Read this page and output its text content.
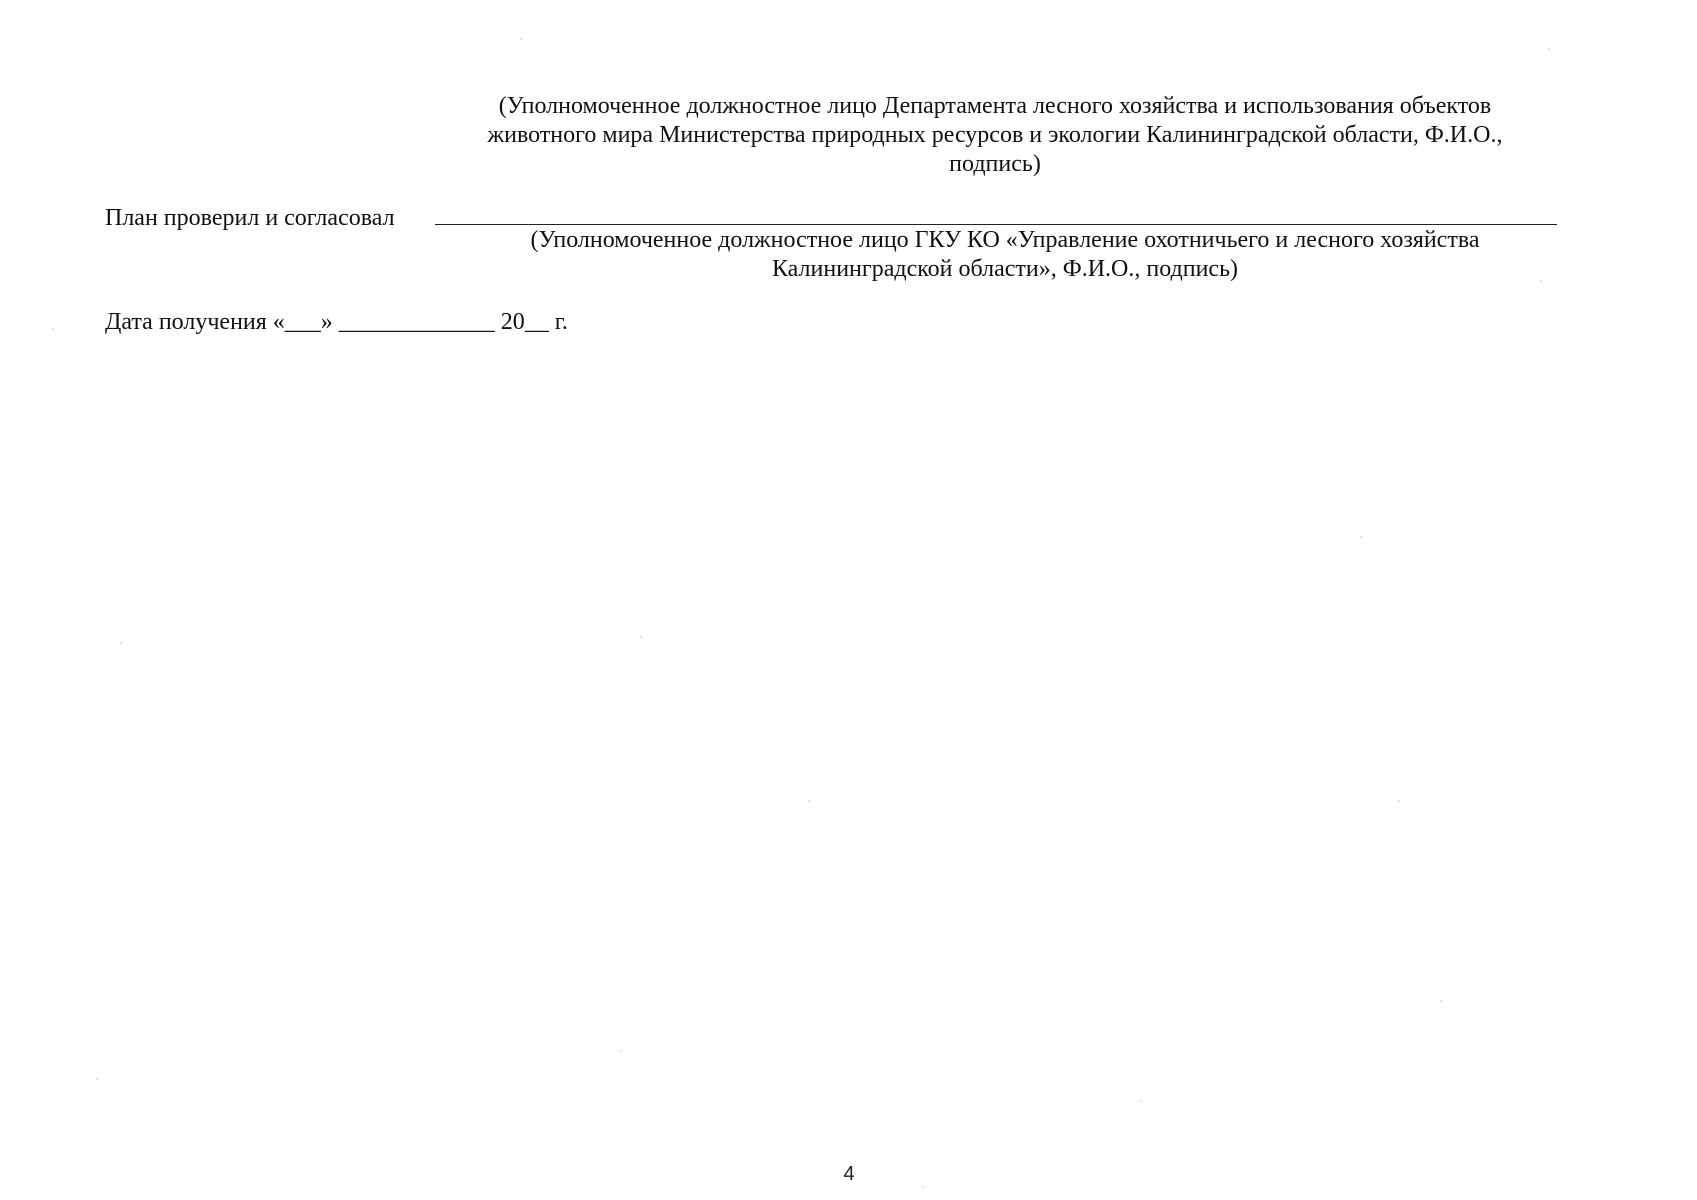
(Уполномоченное должностное лицо Департамента лесного хозяйства и использования объектов
животного мира Министерства природных ресурсов и экологии Калининградской области, Ф.И.О.,
подпись)
План проверил и согласовал
(Уполномоченное должностное лицо ГКУ КО «Управление охотничьего и лесного хозяйства
Калининградской области», Ф.И.О., подпись)
Дата получения «___» _____________ 20__ г.
4
